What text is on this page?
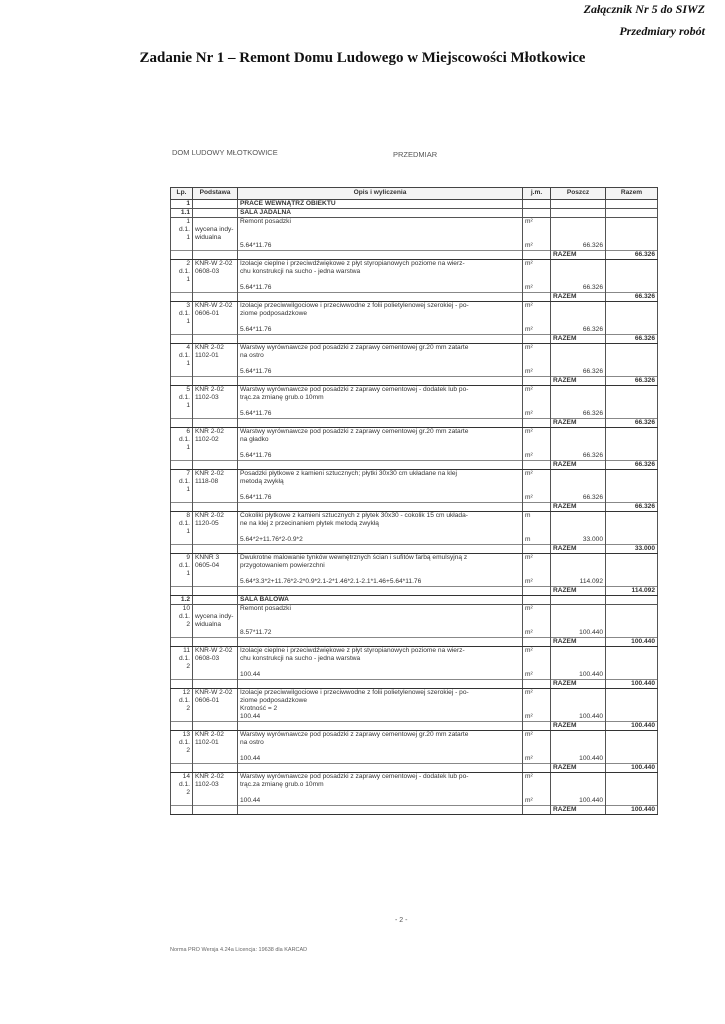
Załącznik Nr 5 do SIWZ
Przedmiary robót
Zadanie Nr 1 – Remont Domu Ludowego w Miejscowości Młotkowice
DOM LUDOWY MŁOTKOWICE	PRZEDMIAR
Lp.	Podstawa	Opis i wyliczenia	j.m.	Poszcz	Razem
1		PRACE WEWNĄTRZ OBIEKTU			
1.1		SALA JADALNA			
1		Remont posadzki	m²		
d.1.	wycena indy-				
1	widualna				
		5.64*11.76	m²	66.326	
				RAZEM	66.326
2	KNR-W 2-02	Izolacje cieplne i przeciwdźwiękowe z płyt styropianowych poziome na wierz-	m²		
d.1.	0608-03	chu konstrukcji na sucho - jedna warstwa			
1					
		5.64*11.76	m²	66.326	
				RAZEM	66.326
3	KNR-W 2-02	Izolacje przeciwwilgociowe i przeciwwodne z folii polietylenowej szerokiej - po-	m²		
d.1.	0606-01	ziome podposadzkowe			
1					
		5.64*11.76	m²	66.326	
				RAZEM	66.326
4	KNR 2-02	Warstwy wyrównawcze pod posadzki z zaprawy cementowej gr.20 mm zatarte	m²		
d.1.	1102-01	na ostro			
1					
		5.64*11.76	m²	66.326	
				RAZEM	66.326
5	KNR 2-02	Warstwy wyrównawcze pod posadzki z zaprawy cementowej - dodatek lub po-	m²		
d.1.	1102-03	trąc.za zmianę grub.o 10mm			
1					
		5.64*11.76	m²	66.326	
				RAZEM	66.326
6	KNR 2-02	Warstwy wyrównawcze pod posadzki z zaprawy cementowej gr.20 mm zatarte	m²		
d.1.	1102-02	na gładko			
1					
		5.64*11.76	m²	66.326	
				RAZEM	66.326
7	KNR 2-02	Posadzki płytkowe z kamieni sztucznych; płytki 30x30 cm układane na klej	m²		
d.1.	1118-08	metodą zwykłą			
1					
		5.64*11.76	m²	66.326	
				RAZEM	66.326
8	KNR 2-02	Cokoliki płytkowe z kamieni sztucznych z płytek 30x30 - cokolik 15 cm układa-	m		
d.1.	1120-05	ne na klej z przecinaniem płytek metodą zwykłą			
1					
		5.64*2+11.76*2-0.9*2	m	33.000	
				RAZEM	33.000
9	KNNR 3	Dwukrotne malowanie tynków wewnętrznych ścian i sufitów farbą emulsyjną z	m²		
d.1.	0605-04	przygotowaniem powierzchni			
1					
		5.64*3.3*2+11.76*2-2*0.9*2.1-2*1.46*2.1-2.1*1.46+5.64*11.76	m²	114.092	
				RAZEM	114.092
1.2		SALA BALOWA			
10		Remont posadzki	m²		
d.1.	wycena indy-				
2	widualna				
		8.57*11.72	m²	100.440	
				RAZEM	100.440
11	KNR-W 2-02	Izolacje cieplne i przeciwdźwiękowe z płyt styropianowych poziome na wierz-	m²		
d.1.	0608-03	chu konstrukcji na sucho - jedna warstwa			
2					
		100.44	m²	100.440	
				RAZEM	100.440
12	KNR-W 2-02	Izolacje przeciwwilgociowe i przeciwwodne z folii polietylenowej szerokiej - po-	m²		
d.1.	0606-01	ziome podposadzkowe			
2		Krotność = 2			
		100.44	m²	100.440	
				RAZEM	100.440
13	KNR 2-02	Warstwy wyrównawcze pod posadzki z zaprawy cementowej gr.20 mm zatarte	m²		
d.1.	1102-01	na ostro			
2					
		100.44	m²	100.440	
				RAZEM	100.440
14	KNR 2-02	Warstwy wyrównawcze pod posadzki z zaprawy cementowej - dodatek lub po-	m²		
d.1.	1102-03	trąc.za zmianę grub.o 10mm			
2					
		100.44	m²	100.440	
				RAZEM	100.440
- 2 -
Norma PRO Wersja 4.24a Licencja: 19638 dla KARCAD
